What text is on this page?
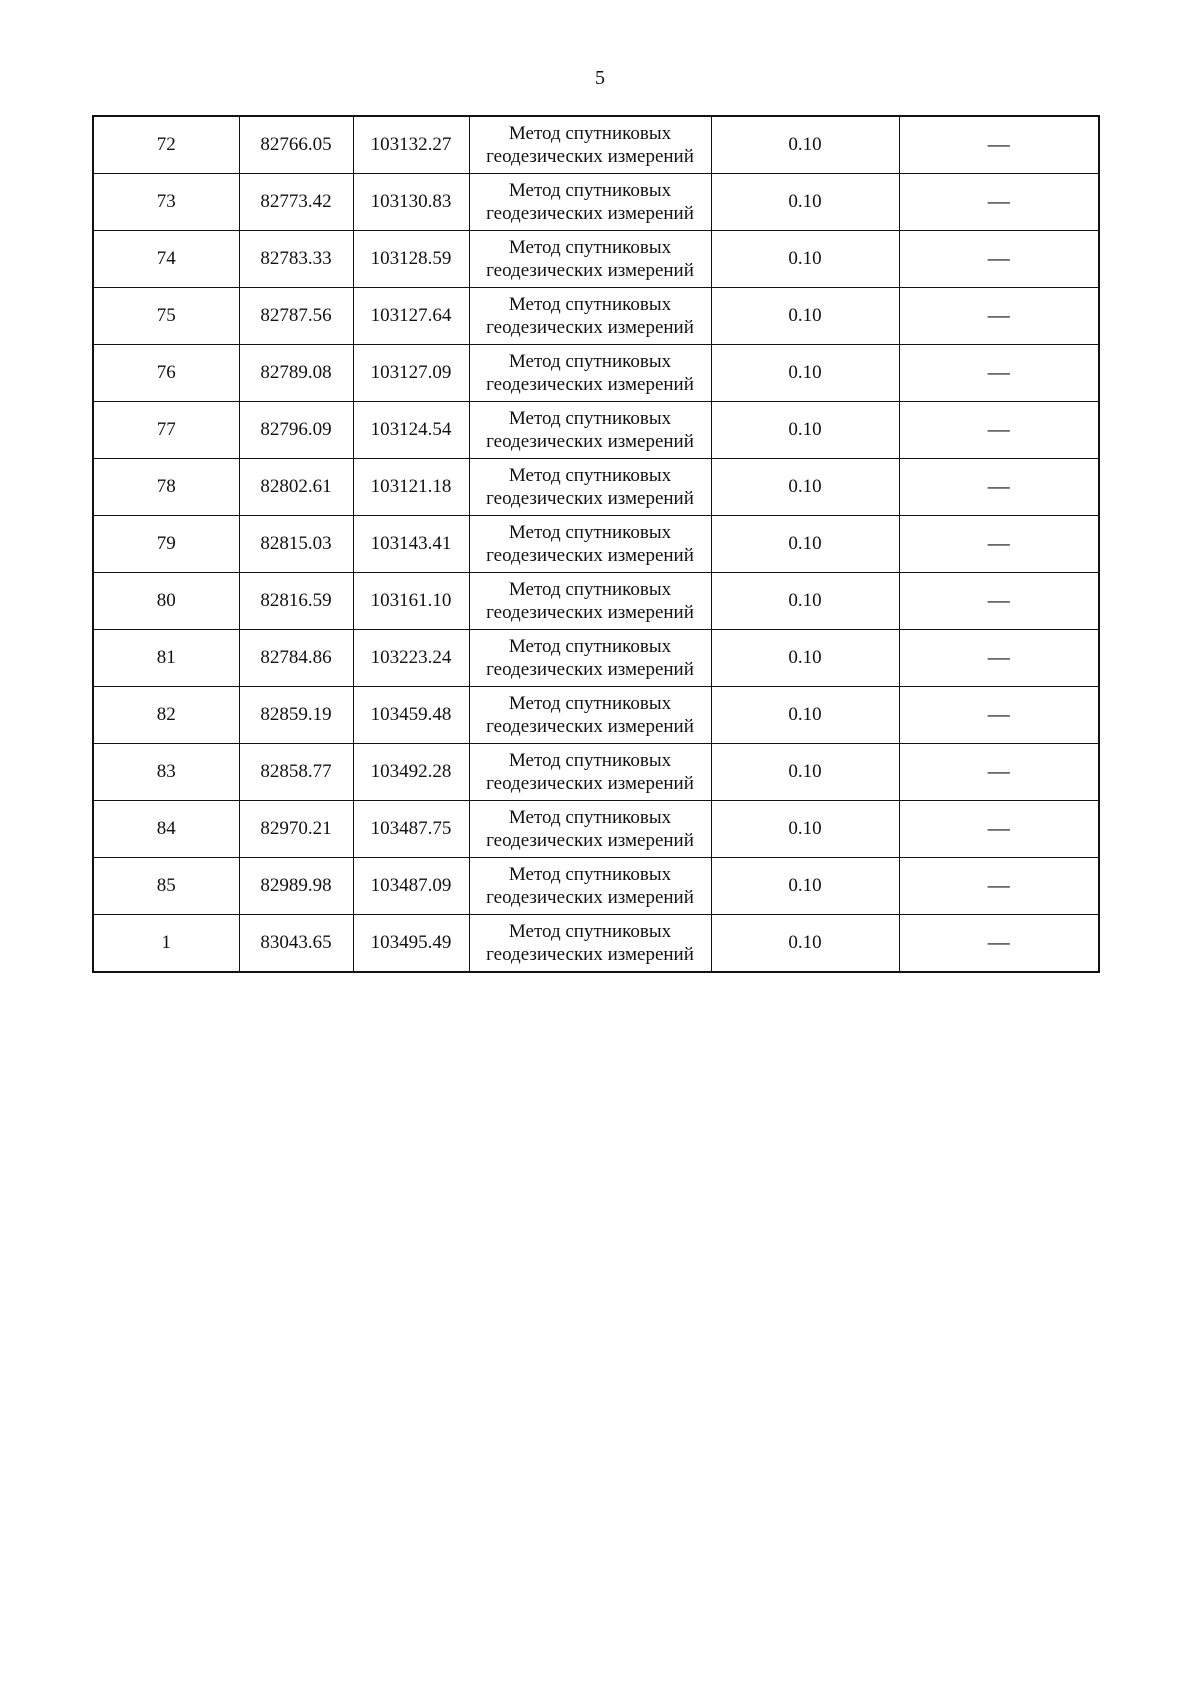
5
72	82766.05	103132.27	Метод спутниковых геодезических измерений	0.10	—
73	82773.42	103130.83	Метод спутниковых геодезических измерений	0.10	—
74	82783.33	103128.59	Метод спутниковых геодезических измерений	0.10	—
75	82787.56	103127.64	Метод спутниковых геодезических измерений	0.10	—
76	82789.08	103127.09	Метод спутниковых геодезических измерений	0.10	—
77	82796.09	103124.54	Метод спутниковых геодезических измерений	0.10	—
78	82802.61	103121.18	Метод спутниковых геодезических измерений	0.10	—
79	82815.03	103143.41	Метод спутниковых геодезических измерений	0.10	—
80	82816.59	103161.10	Метод спутниковых геодезических измерений	0.10	—
81	82784.86	103223.24	Метод спутниковых геодезических измерений	0.10	—
82	82859.19	103459.48	Метод спутниковых геодезических измерений	0.10	—
83	82858.77	103492.28	Метод спутниковых геодезических измерений	0.10	—
84	82970.21	103487.75	Метод спутниковых геодезических измерений	0.10	—
85	82989.98	103487.09	Метод спутниковых геодезических измерений	0.10	—
1	83043.65	103495.49	Метод спутниковых геодезических измерений	0.10	—
